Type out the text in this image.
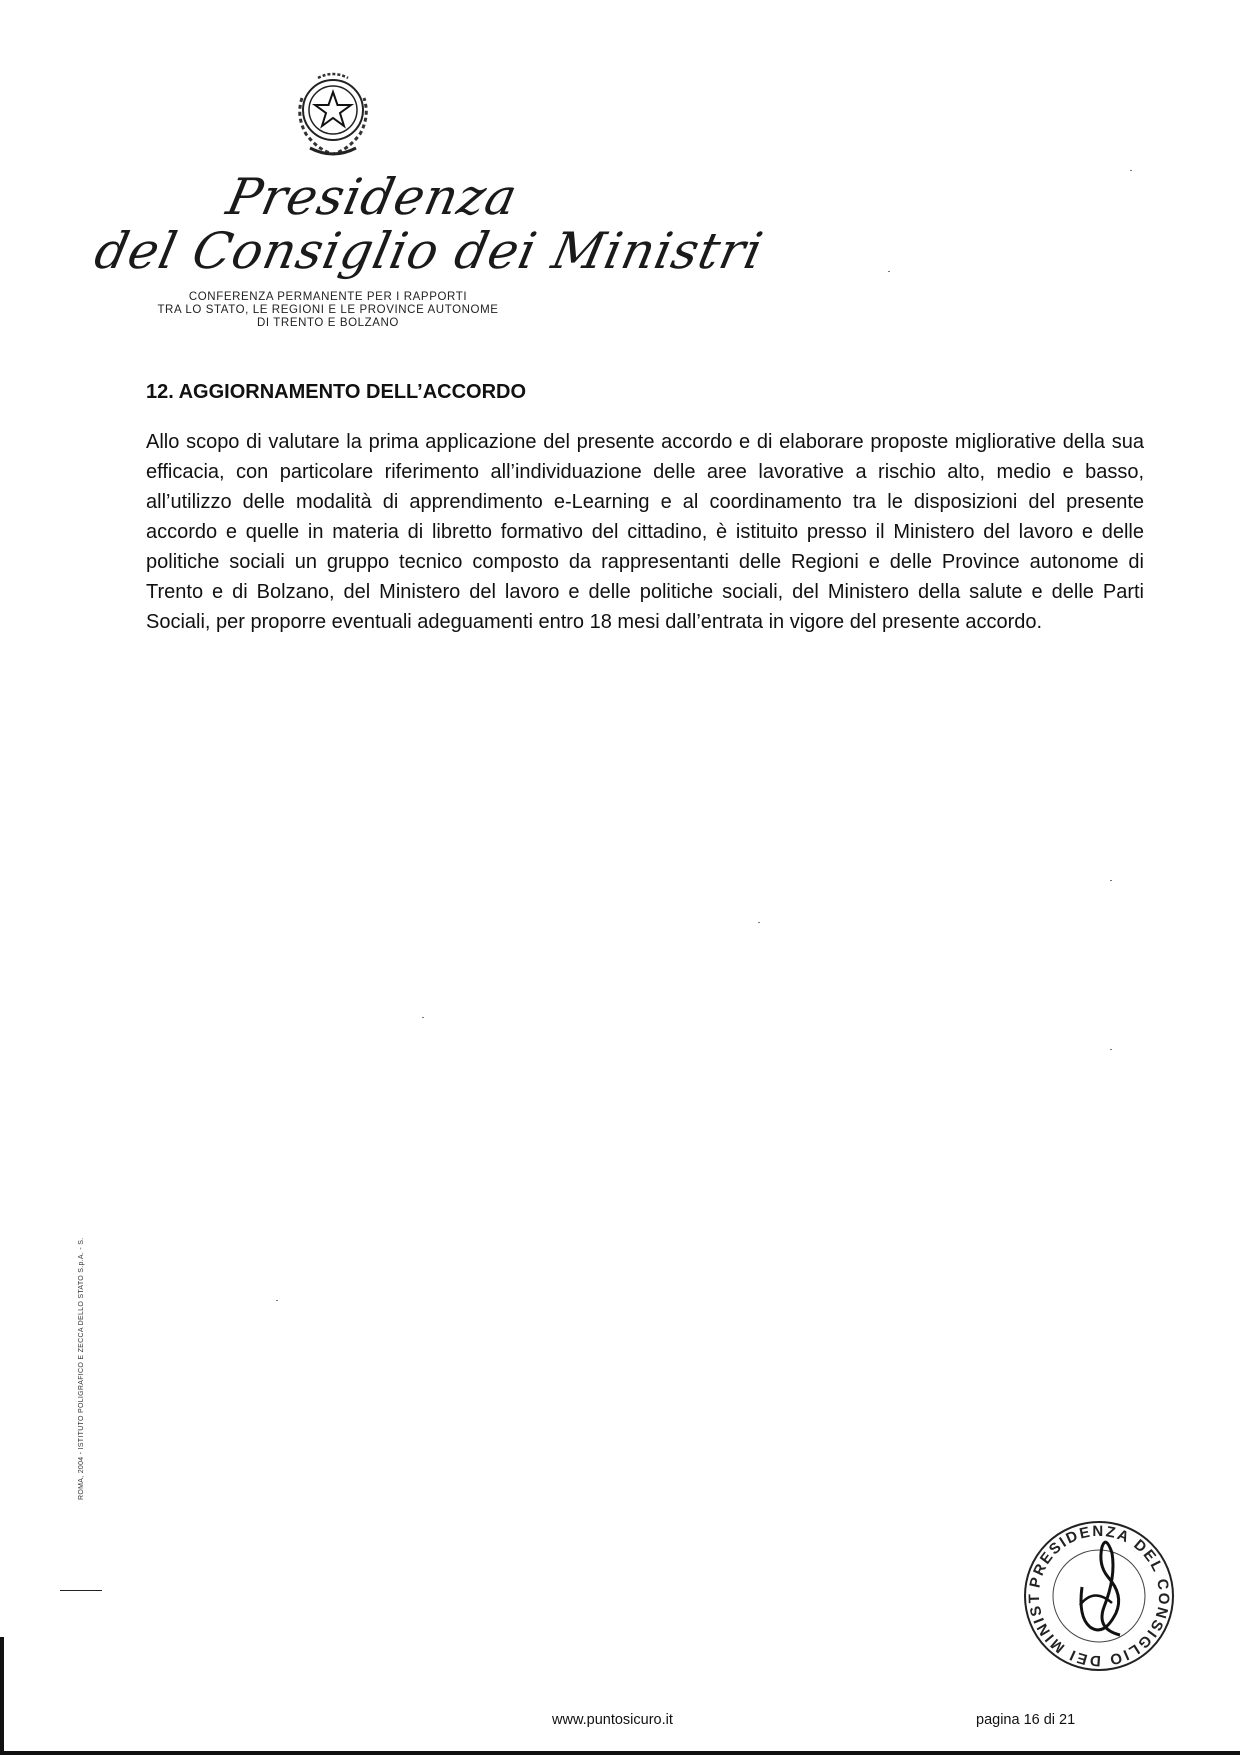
Presidenza
del Consiglio dei Ministri
CONFERENZA PERMANENTE PER I RAPPORTI
TRA LO STATO, LE REGIONI E LE PROVINCE AUTONOME
DI TRENTO E BOLZANO
12. AGGIORNAMENTO DELL’ACCORDO

Allo scopo di valutare la prima applicazione del presente accordo e di elaborare proposte migliorative della sua efficacia, con particolare riferimento all’individuazione delle aree lavorative a rischio alto, medio e basso, all’utilizzo delle modalità di apprendimento e-Learning e al coordinamento tra le disposizioni del presente accordo e quelle in materia di libretto formativo del cittadino, è istituito presso il Ministero del lavoro e delle politiche sociali un gruppo tecnico composto da rappresentanti delle Regioni e delle Province autonome di Trento e di Bolzano, del Ministero del lavoro e delle politiche sociali, del Ministero della salute e delle Parti Sociali, per proporre eventuali adeguamenti entro 18 mesi dall’entrata in vigore del presente accordo.

ROMA, 2004 - ISTITUTO POLIGRAFICO E ZECCA DELLO STATO S.p.A. - S.
PRESIDENZA DEL CONSIGLIO DEI MINIST
www.puntosicuro.it	pagina 16 di 21
